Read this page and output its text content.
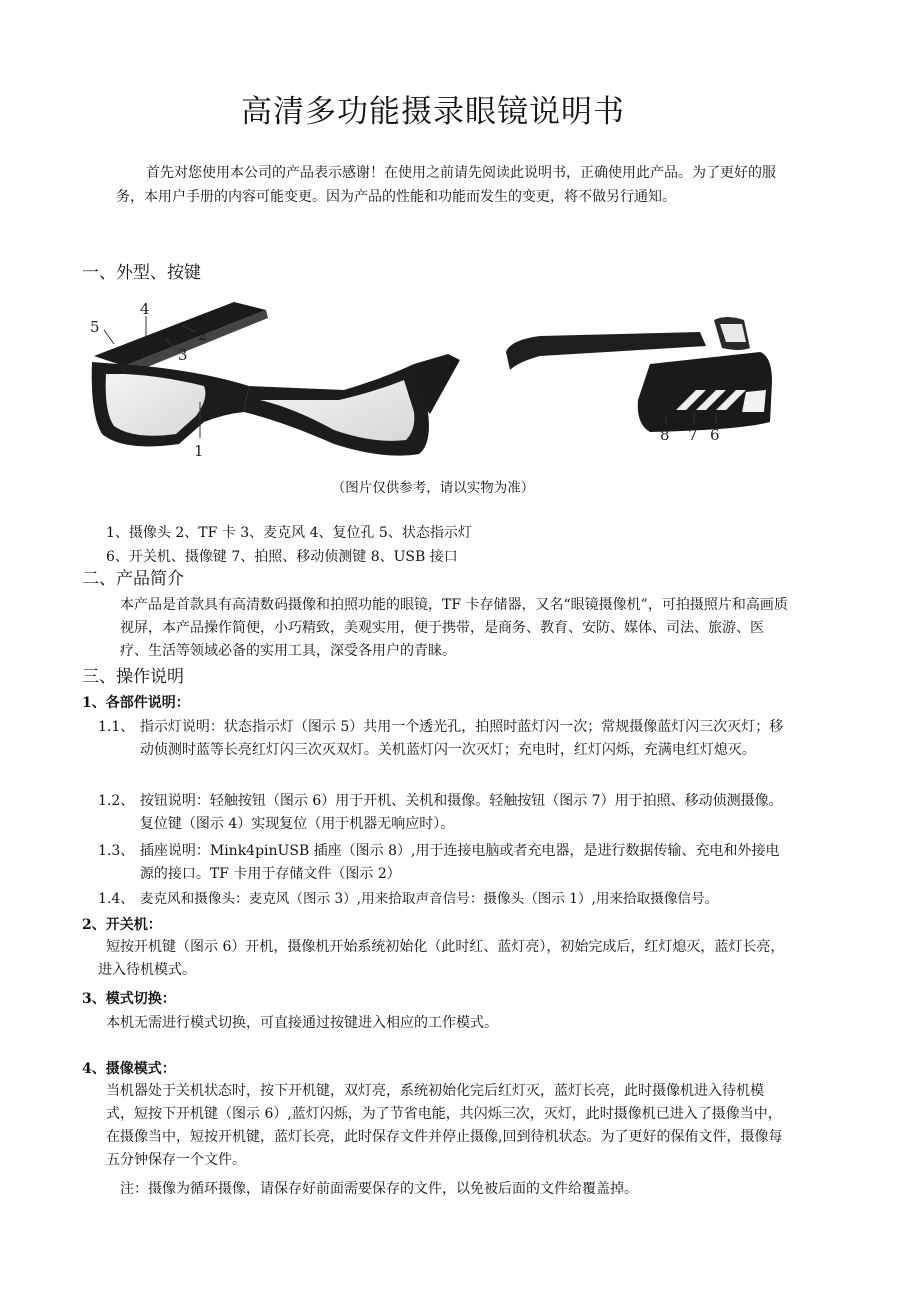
高清多功能摄录眼镜说明书
首先对您使用本公司的产品表示感谢！在使用之前请先阅读此说明书，正确使用此产品。为了更好的服务，本用户手册的内容可能变更。因为产品的性能和功能而发生的变更，将不做另行通知。
一、外型、按键
5
4
2
3
1
8 7 6
（图片仅供参考，请以实物为准）
1、摄像头 2、TF 卡 3、麦克风 4、复位孔 5、状态指示灯
6、开关机、摄像键 7、拍照、移动侦测键 8、USB 接口
二、产品简介
本产品是首款具有高清数码摄像和拍照功能的眼镜，TF 卡存储器，又名“眼镜摄像机”，可拍摄照片和高画质视屏，本产品操作简便，小巧精致，美观实用，便于携带，是商务、教育、安防、媒体、司法、旅游、医疗、生活等领域必备的实用工具，深受各用户的青睐。
三、操作说明
1、各部件说明：
1.1、 指示灯说明：状态指示灯（图示 5）共用一个透光孔，拍照时蓝灯闪一次；常规摄像蓝灯闪三次灭灯；移动侦测时蓝等长亮红灯闪三次灭双灯。关机蓝灯闪一次灭灯；充电时，红灯闪烁，充满电红灯熄灭。
1.2、 按钮说明：轻触按钮（图示 6）用于开机、关机和摄像。轻触按钮（图示 7）用于拍照、移动侦测摄像。复位键（图示 4）实现复位（用于机器无响应时）。
1.3、 插座说明：Mink4pinUSB 插座（图示 8）,用于连接电脑或者充电器，是进行数据传输、充电和外接电源的接口。TF 卡用于存储文件（图示 2）
1.4、 麦克风和摄像头：麦克风（图示 3）,用来拾取声音信号：摄像头（图示 1）,用来拾取摄像信号。
2、开关机：
短按开机键（图示 6）开机，摄像机开始系统初始化（此时红、蓝灯亮），初始完成后，红灯熄灭，蓝灯长亮，进入待机模式。
3、模式切换：
本机无需进行模式切换，可直接通过按键进入相应的工作模式。
4、摄像模式：
当机器处于关机状态时，按下开机键，双灯亮，系统初始化完后红灯灭，蓝灯长亮，此时摄像机进入待机模式，短按下开机键（图示 6）,蓝灯闪烁，为了节省电能，共闪烁三次，灭灯，此时摄像机已进入了摄像当中，在摄像当中，短按开机键，蓝灯长亮，此时保存文件并停止摄像,回到待机状态。为了更好的保侑文件，摄像每五分钟保存一个文件。
注：摄像为循环摄像，请保存好前面需要保存的文件，以免被后面的文件给覆盖掉。
